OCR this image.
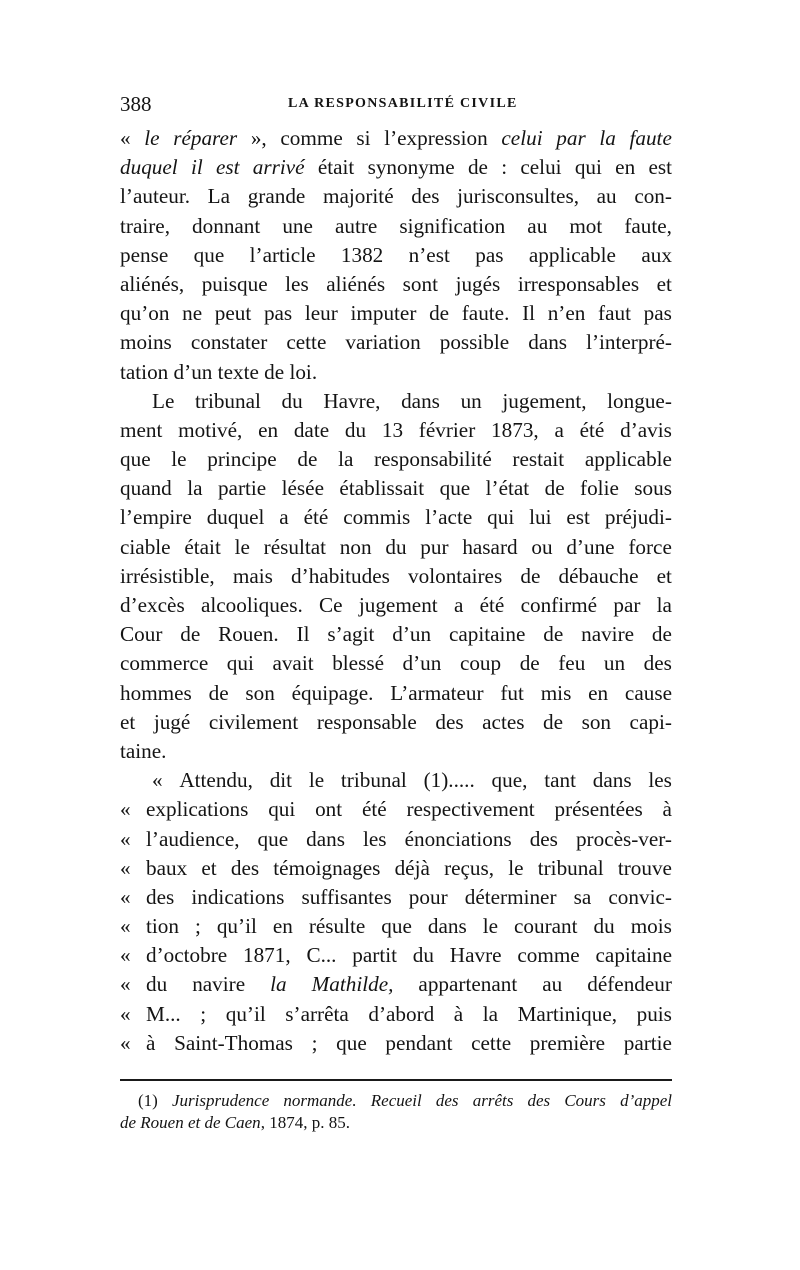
388	LA RESPONSABILITÉ CIVILE
« le réparer », comme si l’expression celui par la faute
duquel il est arrivé était synonyme de : celui qui en est
l’auteur. La grande majorité des jurisconsultes, au con-
traire, donnant une autre signification au mot faute,
pense que l’article 1382 n’est pas applicable aux
aliénés, puisque les aliénés sont jugés irresponsables et
qu’on ne peut pas leur imputer de faute. Il n’en faut pas
moins constater cette variation possible dans l’interpré-
tation d’un texte de loi.
Le tribunal du Havre, dans un jugement, longue-
ment motivé, en date du 13 février 1873, a été d’avis
que le principe de la responsabilité restait applicable
quand la partie lésée établissait que l’état de folie sous
l’empire duquel a été commis l’acte qui lui est préjudi-
ciable était le résultat non du pur hasard ou d’une force
irrésistible, mais d’habitudes volontaires de débauche et
d’excès alcooliques. Ce jugement a été confirmé par la
Cour de Rouen. Il s’agit d’un capitaine de navire de
commerce qui avait blessé d’un coup de feu un des
hommes de son équipage. L’armateur fut mis en cause
et jugé civilement responsable des actes de son capi-
taine.
« Attendu, dit le tribunal (1)..... que, tant dans les
« explications qui ont été respectivement présentées à
« l’audience, que dans les énonciations des procès-ver-
« baux et des témoignages déjà reçus, le tribunal trouve
« des indications suffisantes pour déterminer sa convic-
« tion ; qu’il en résulte que dans le courant du mois
« d’octobre 1871, C... partit du Havre comme capitaine
« du navire la Mathilde, appartenant au défendeur
« M... ; qu’il s’arrêta d’abord à la Martinique, puis
« à Saint-Thomas ; que pendant cette première partie
(1) Jurisprudence normande. Recueil des arrêts des Cours d’appel
de Rouen et de Caen , 1874, p. 85.
